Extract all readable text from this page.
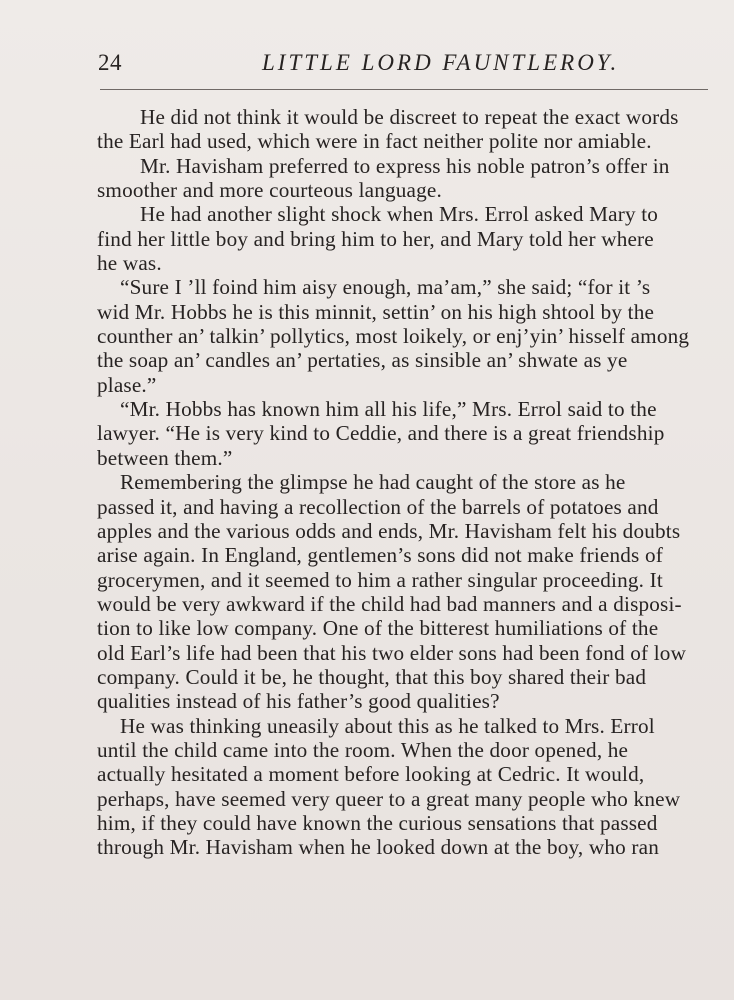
24	LITTLE LORD FAUNTLEROY.
He did not think it would be discreet to repeat the exact words
the Earl had used, which were in fact neither polite nor amiable.
Mr. Havisham preferred to express his noble patron’s offer in
smoother and more courteous language.
He had another slight shock when Mrs. Errol asked Mary to
find her little boy and bring him to her, and Mary told her where
he was.
“Sure I ’ll foind him aisy enough, ma’am,” she said; “for it ’s
wid Mr. Hobbs he is this minnit, settin’ on his high shtool by the
counther an’ talkin’ pollytics, most loikely, or enj’yin’ hisself among
the soap an’ candles an’ pertaties, as sinsible an’ shwate as ye
plase.”
“Mr. Hobbs has known him all his life,” Mrs. Errol said to the
lawyer. “He is very kind to Ceddie, and there is a great friendship
between them.”
Remembering the glimpse he had caught of the store as he
passed it, and having a recollection of the barrels of potatoes and
apples and the various odds and ends, Mr. Havisham felt his doubts
arise again. In England, gentlemen’s sons did not make friends of
grocerymen, and it seemed to him a rather singular proceeding. It
would be very awkward if the child had bad manners and a disposi-
tion to like low company. One of the bitterest humiliations of the
old Earl’s life had been that his two elder sons had been fond of low
company. Could it be, he thought, that this boy shared their bad
qualities instead of his father’s good qualities?
He was thinking uneasily about this as he talked to Mrs. Errol
until the child came into the room. When the door opened, he
actually hesitated a moment before looking at Cedric. It would,
perhaps, have seemed very queer to a great many people who knew
him, if they could have known the curious sensations that passed
through Mr. Havisham when he looked down at the boy, who ran
